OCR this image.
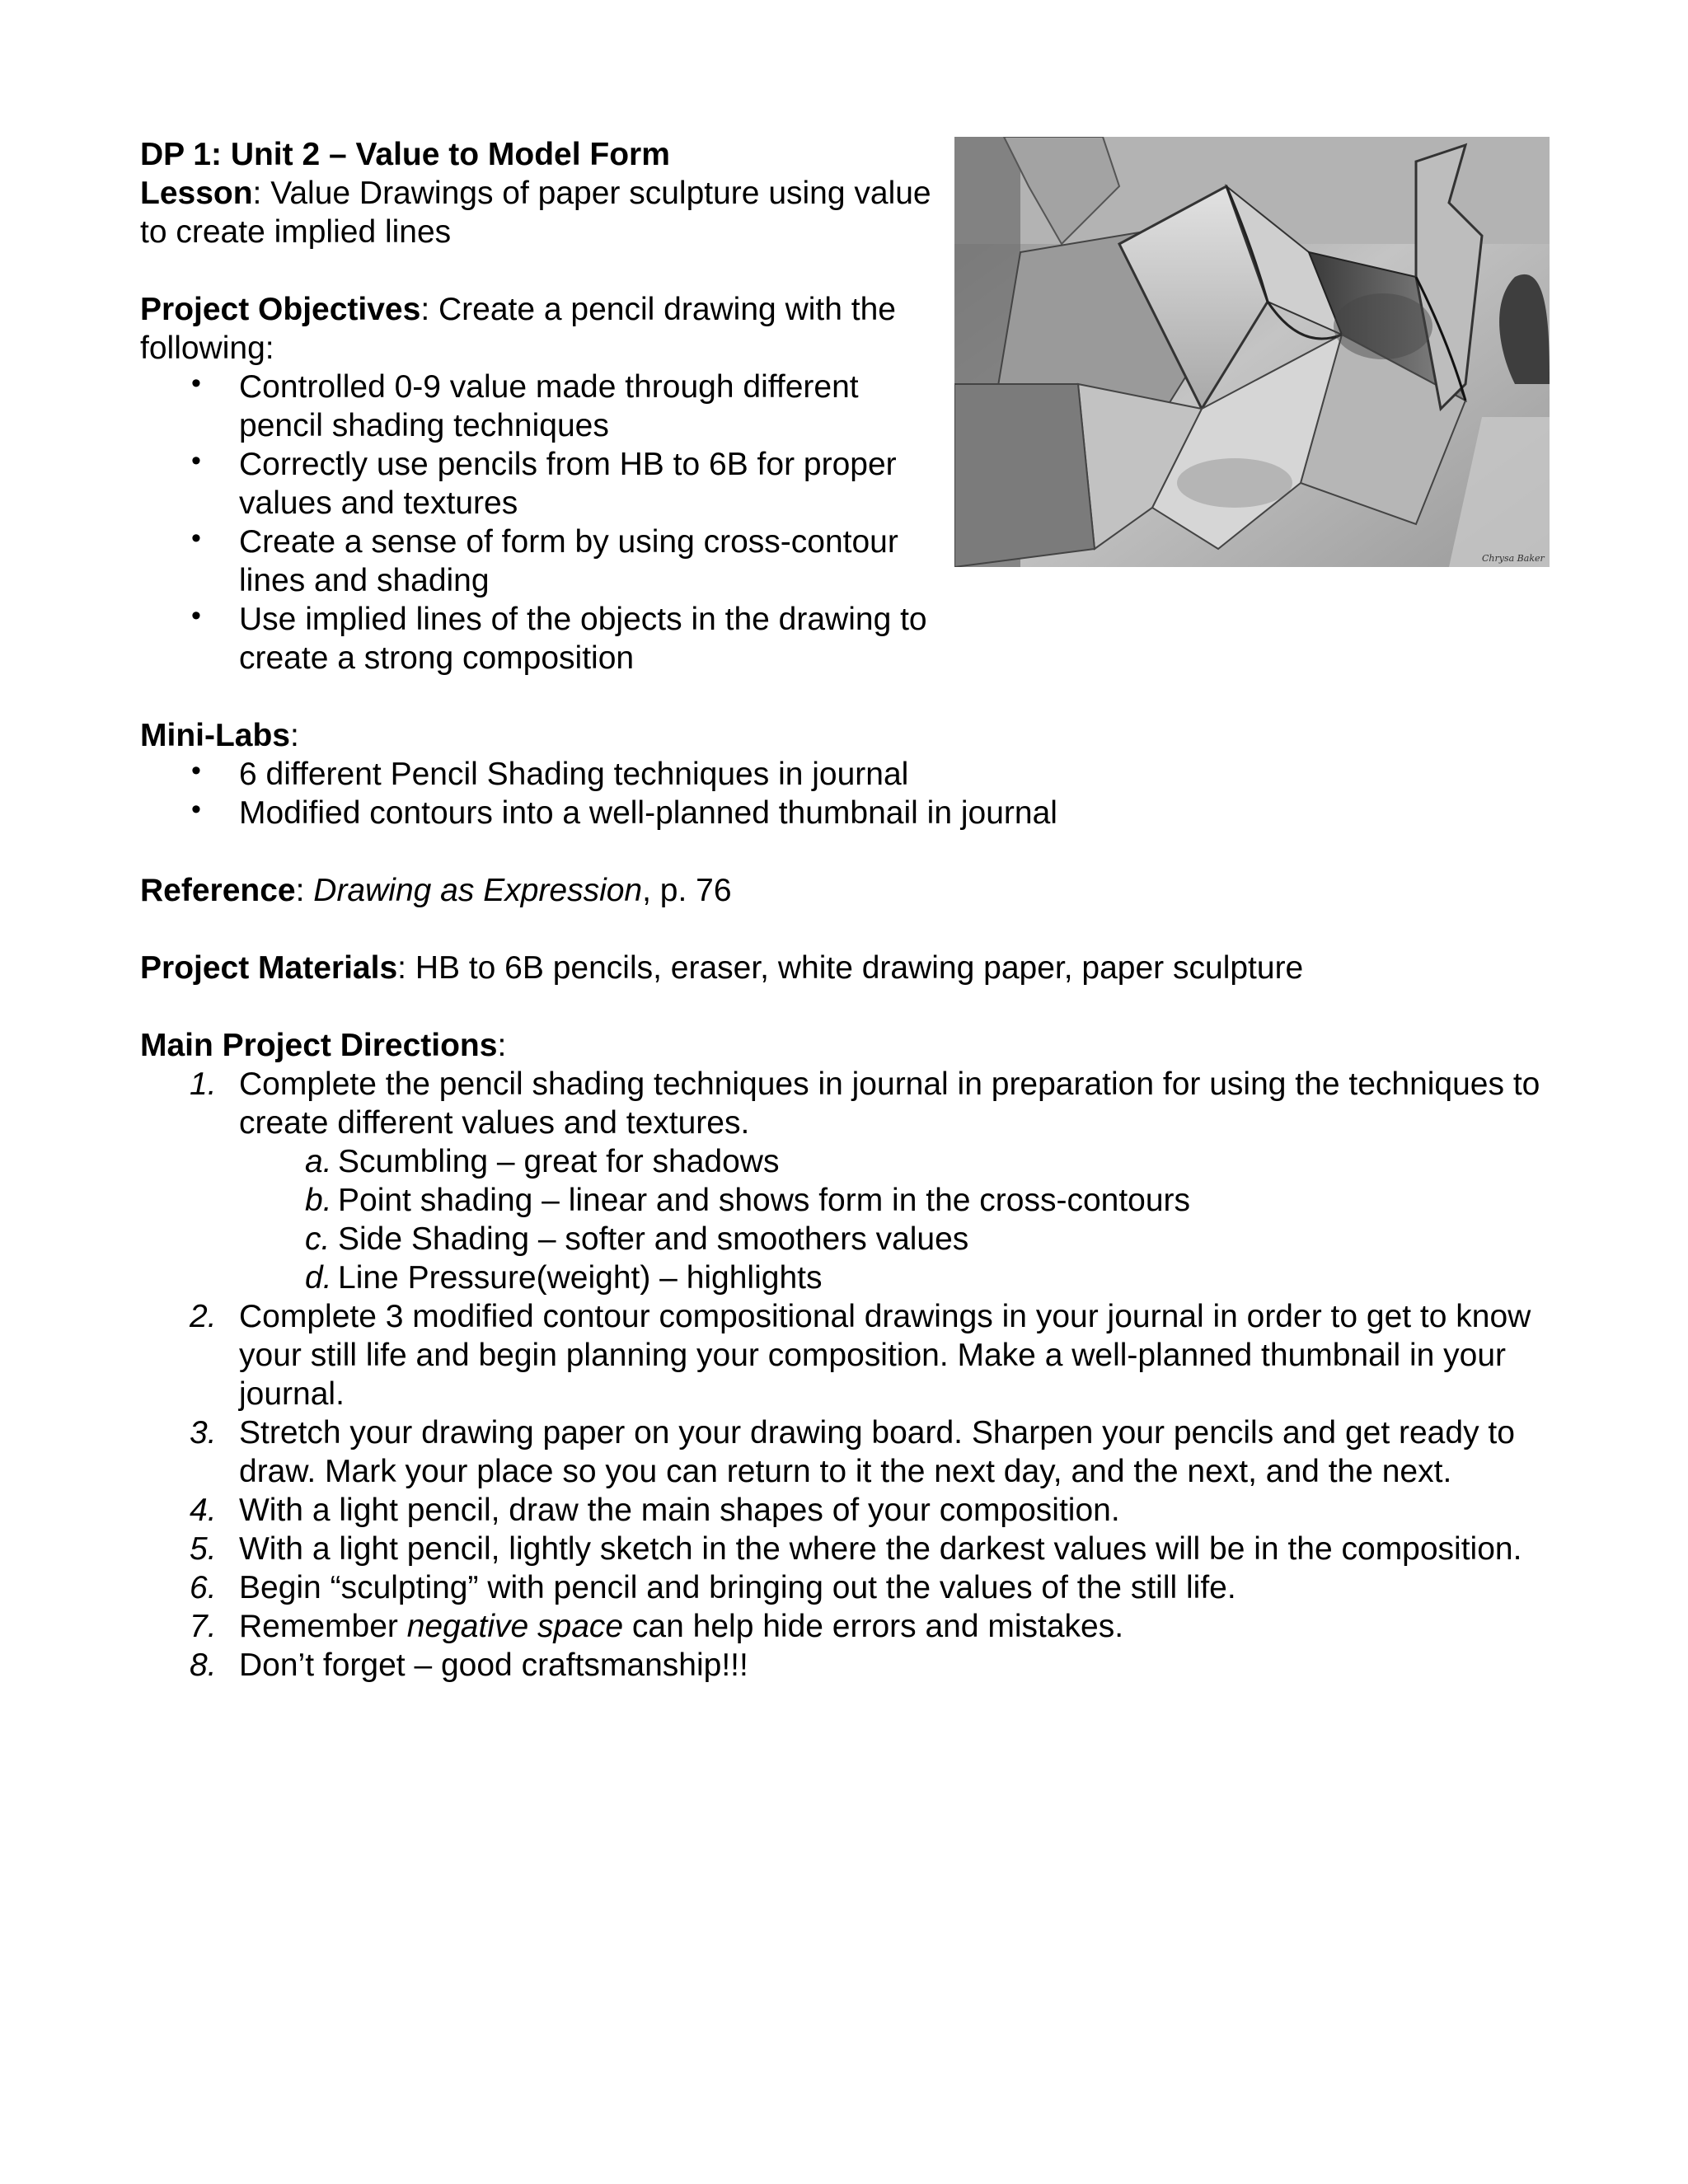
Chrysa Baker

DP 1: Unit 2 – Value to Model Form

Lesson: Value Drawings of paper sculpture using value to create implied lines

Project Objectives: Create a pencil drawing with the following:

• Controlled 0-9 value made through different pencil shading techniques
• Correctly use pencils from HB to 6B for proper values and textures
• Create a sense of form by using cross-contour lines and shading
• Use implied lines of the objects in the drawing to create a strong composition

Mini-Labs:

• 6 different Pencil Shading techniques in journal
• Modified contours into a well-planned thumbnail in journal

Reference: Drawing as Expression, p. 76

Project Materials: HB to 6B pencils, eraser, white drawing paper, paper sculpture

Main Project Directions:

1. Complete the pencil shading techniques in journal in preparation for using the techniques to create different values and textures.
a. Scumbling – great for shadows
b. Point shading – linear and shows form in the cross-contours
c. Side Shading – softer and smoothers values
d. Line Pressure(weight) – highlights
2. Complete 3 modified contour compositional drawings in your journal in order to get to know your still life and begin planning your composition. Make a well-planned thumbnail in your journal.
3. Stretch your drawing paper on your drawing board. Sharpen your pencils and get ready to draw. Mark your place so you can return to it the next day, and the next, and the next.
4. With a light pencil, draw the main shapes of your composition.
5. With a light pencil, lightly sketch in the where the darkest values will be in the composition.
6. Begin “sculpting” with pencil and bringing out the values of the still life.
7. Remember negative space can help hide errors and mistakes.
8. Don’t forget – good craftsmanship!!!
